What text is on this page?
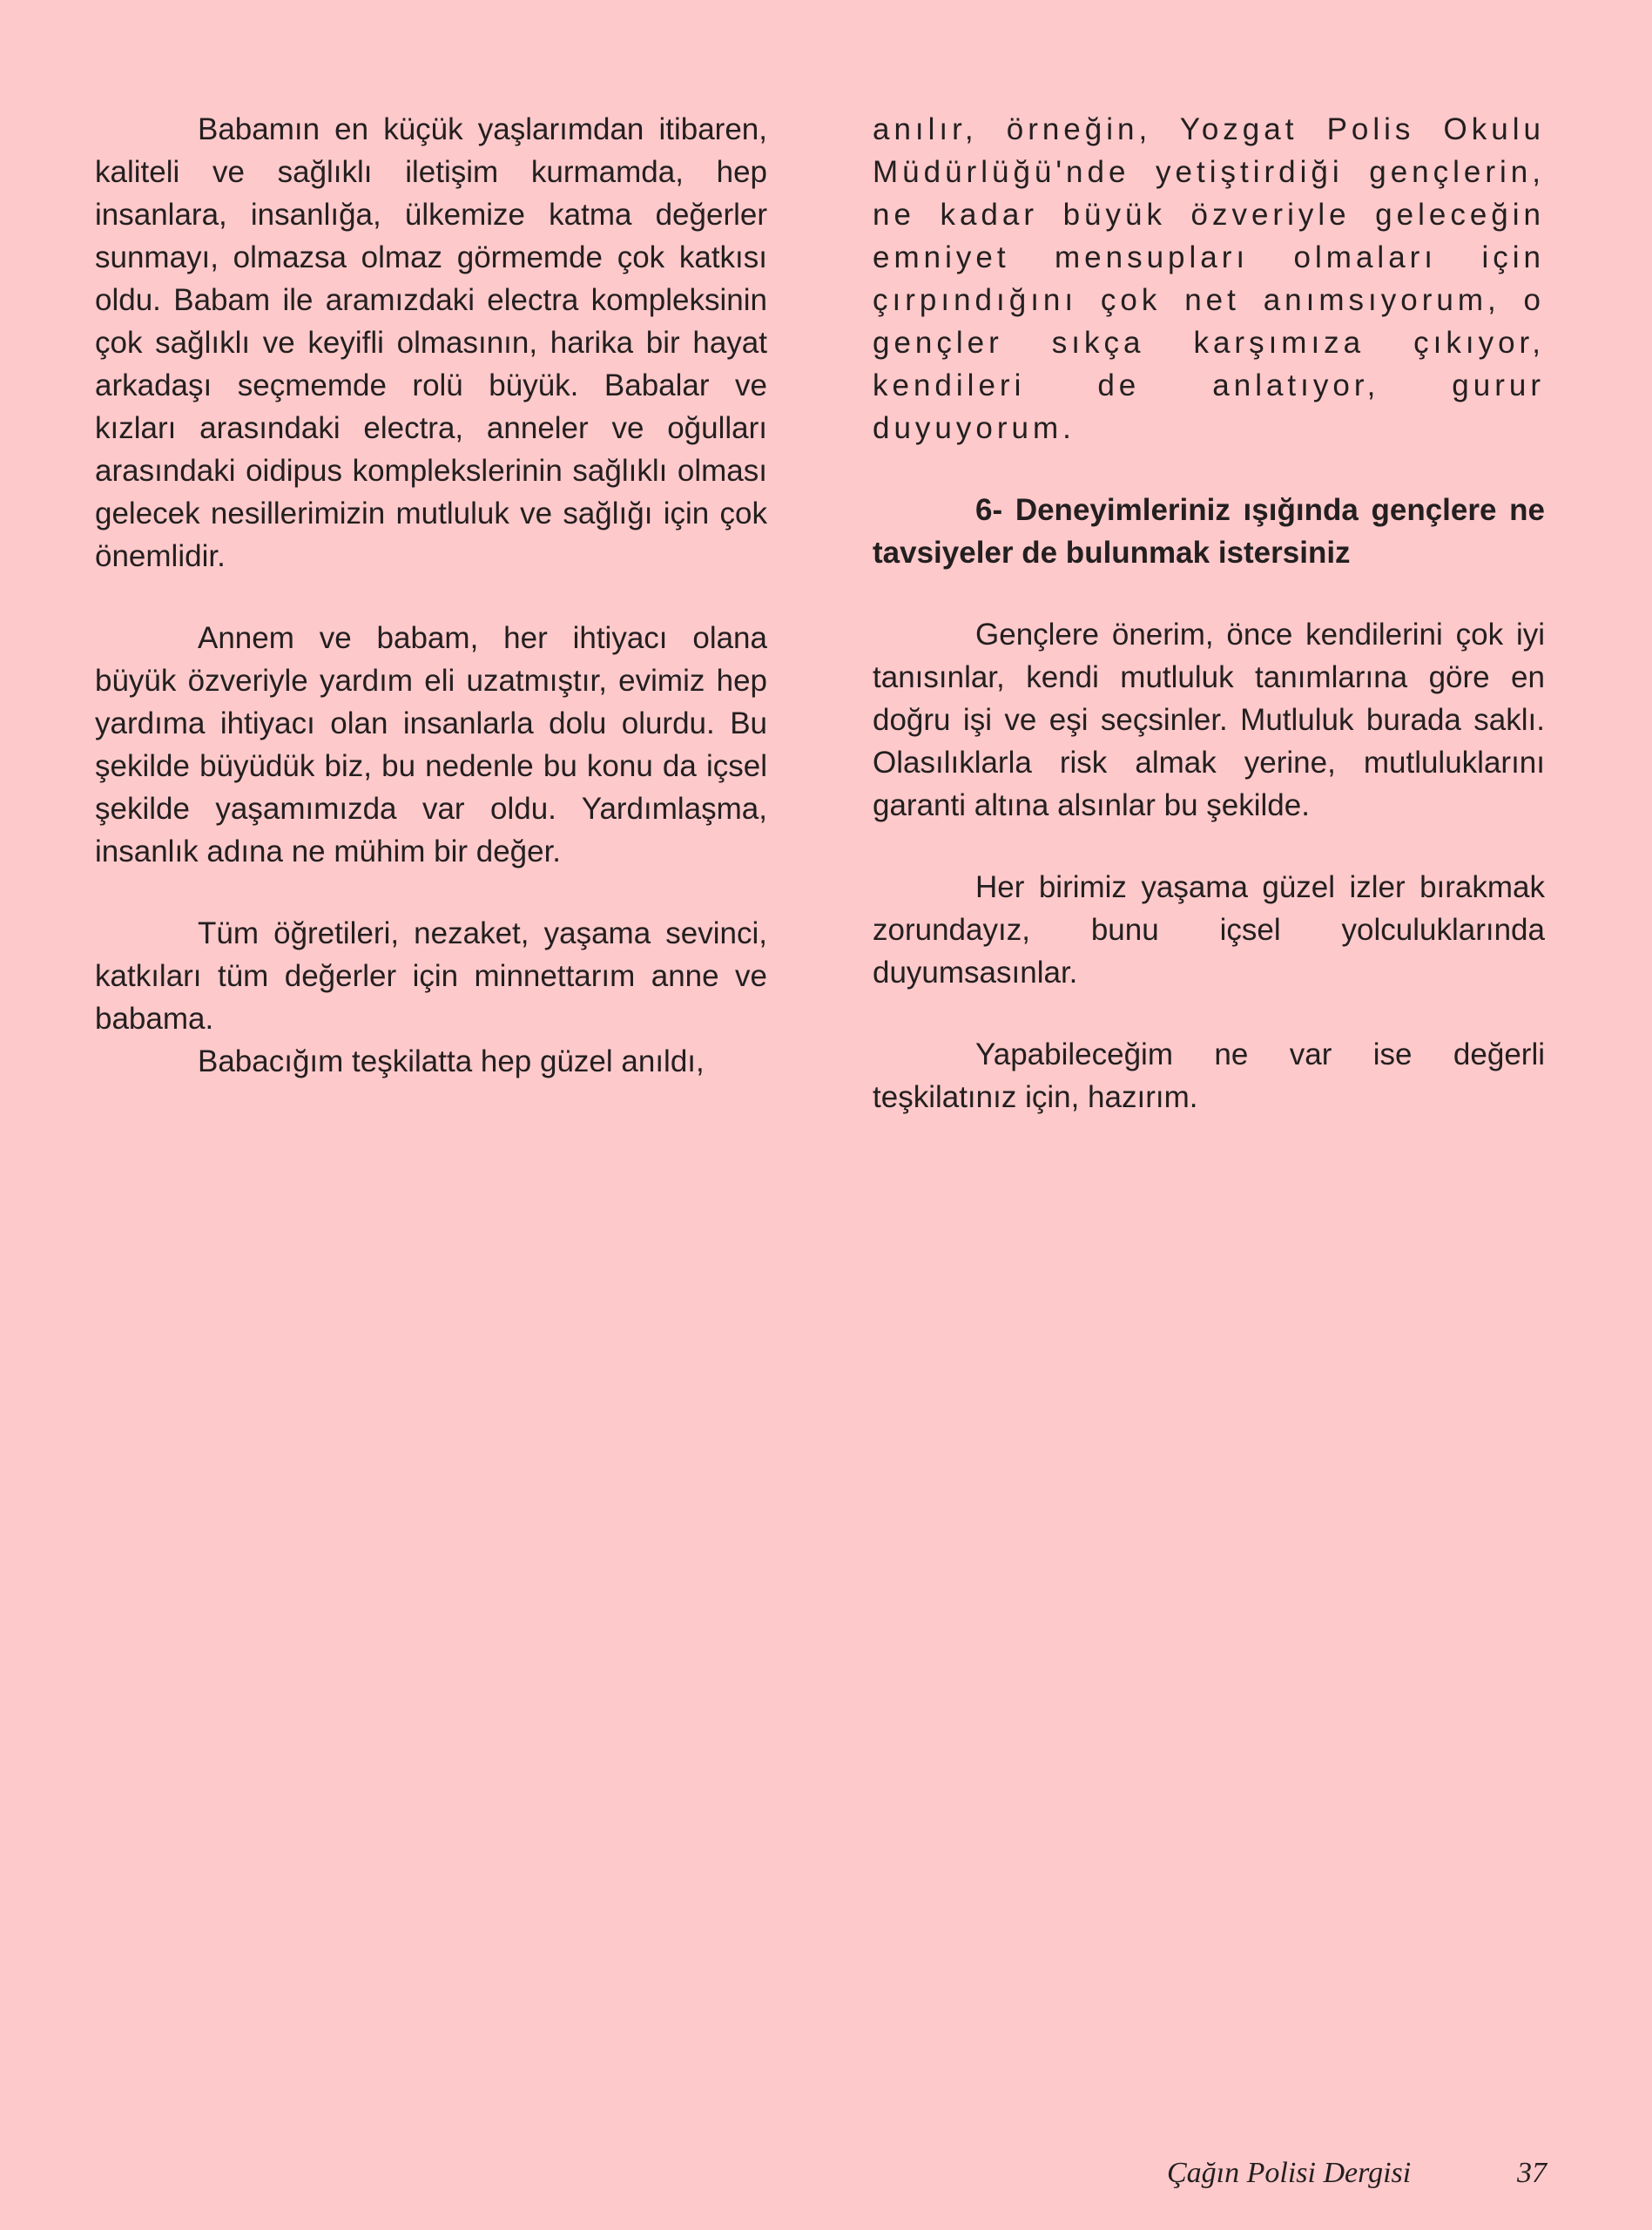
Babamın en küçük yaşlarımdan itibaren, kaliteli ve sağlıklı iletişim kurmamda, hep insanlara, insanlığa, ülkemize katma değerler sunmayı, olmazsa olmaz görmemde çok katkısı oldu. Babam ile aramızdaki electra kompleksinin çok sağlıklı ve keyifli olmasının, harika bir hayat arkadaşı seçmemde rolü büyük. Babalar ve kızları arasındaki electra, anneler ve oğulları arasındaki oidipus komplekslerinin sağlıklı olması gelecek nesillerimizin mutluluk ve sağlığı için çok önemlidir.

Annem ve babam, her ihtiyacı olana büyük özveriyle yardım eli uzatmıştır, evimiz hep yardıma ihtiyacı olan insanlarla dolu olurdu. Bu şekilde büyüdük biz, bu nedenle bu konu da içsel şekilde yaşamımızda var oldu. Yardımlaşma, insanlık adına ne mühim bir değer.

Tüm öğretileri, nezaket, yaşama sevinci, katkıları tüm değerler için minnettarım anne ve babama.

Babacığım teşkilatta hep güzel anıldı,

anılır, örneğin, Yozgat Polis Okulu Müdürlüğü'nde yetiştirdiği gençlerin, ne kadar büyük özveriyle geleceğin emniyet mensupları olmaları için çırpındığını çok net anımsıyorum, o gençler sıkça karşımıza çıkıyor, kendileri de anlatıyor, gurur duyuyorum.

6- Deneyimleriniz ışığında gençlere ne tavsiyeler de bulunmak istersiniz

Gençlere önerim, önce kendilerini çok iyi tanısınlar, kendi mutluluk tanımlarına göre en doğru işi ve eşi seçsinler. Mutluluk burada saklı. Olasılıklarla risk almak yerine, mutluluklarını garanti altına alsınlar bu şekilde.

Her birimiz yaşama güzel izler bırakmak zorundayız, bunu içsel yolculuklarında duyumsasınlar.

Yapabileceğim ne var ise değerli teşkilatınız için, hazırım.

Çağın Polisi Dergisi	37
